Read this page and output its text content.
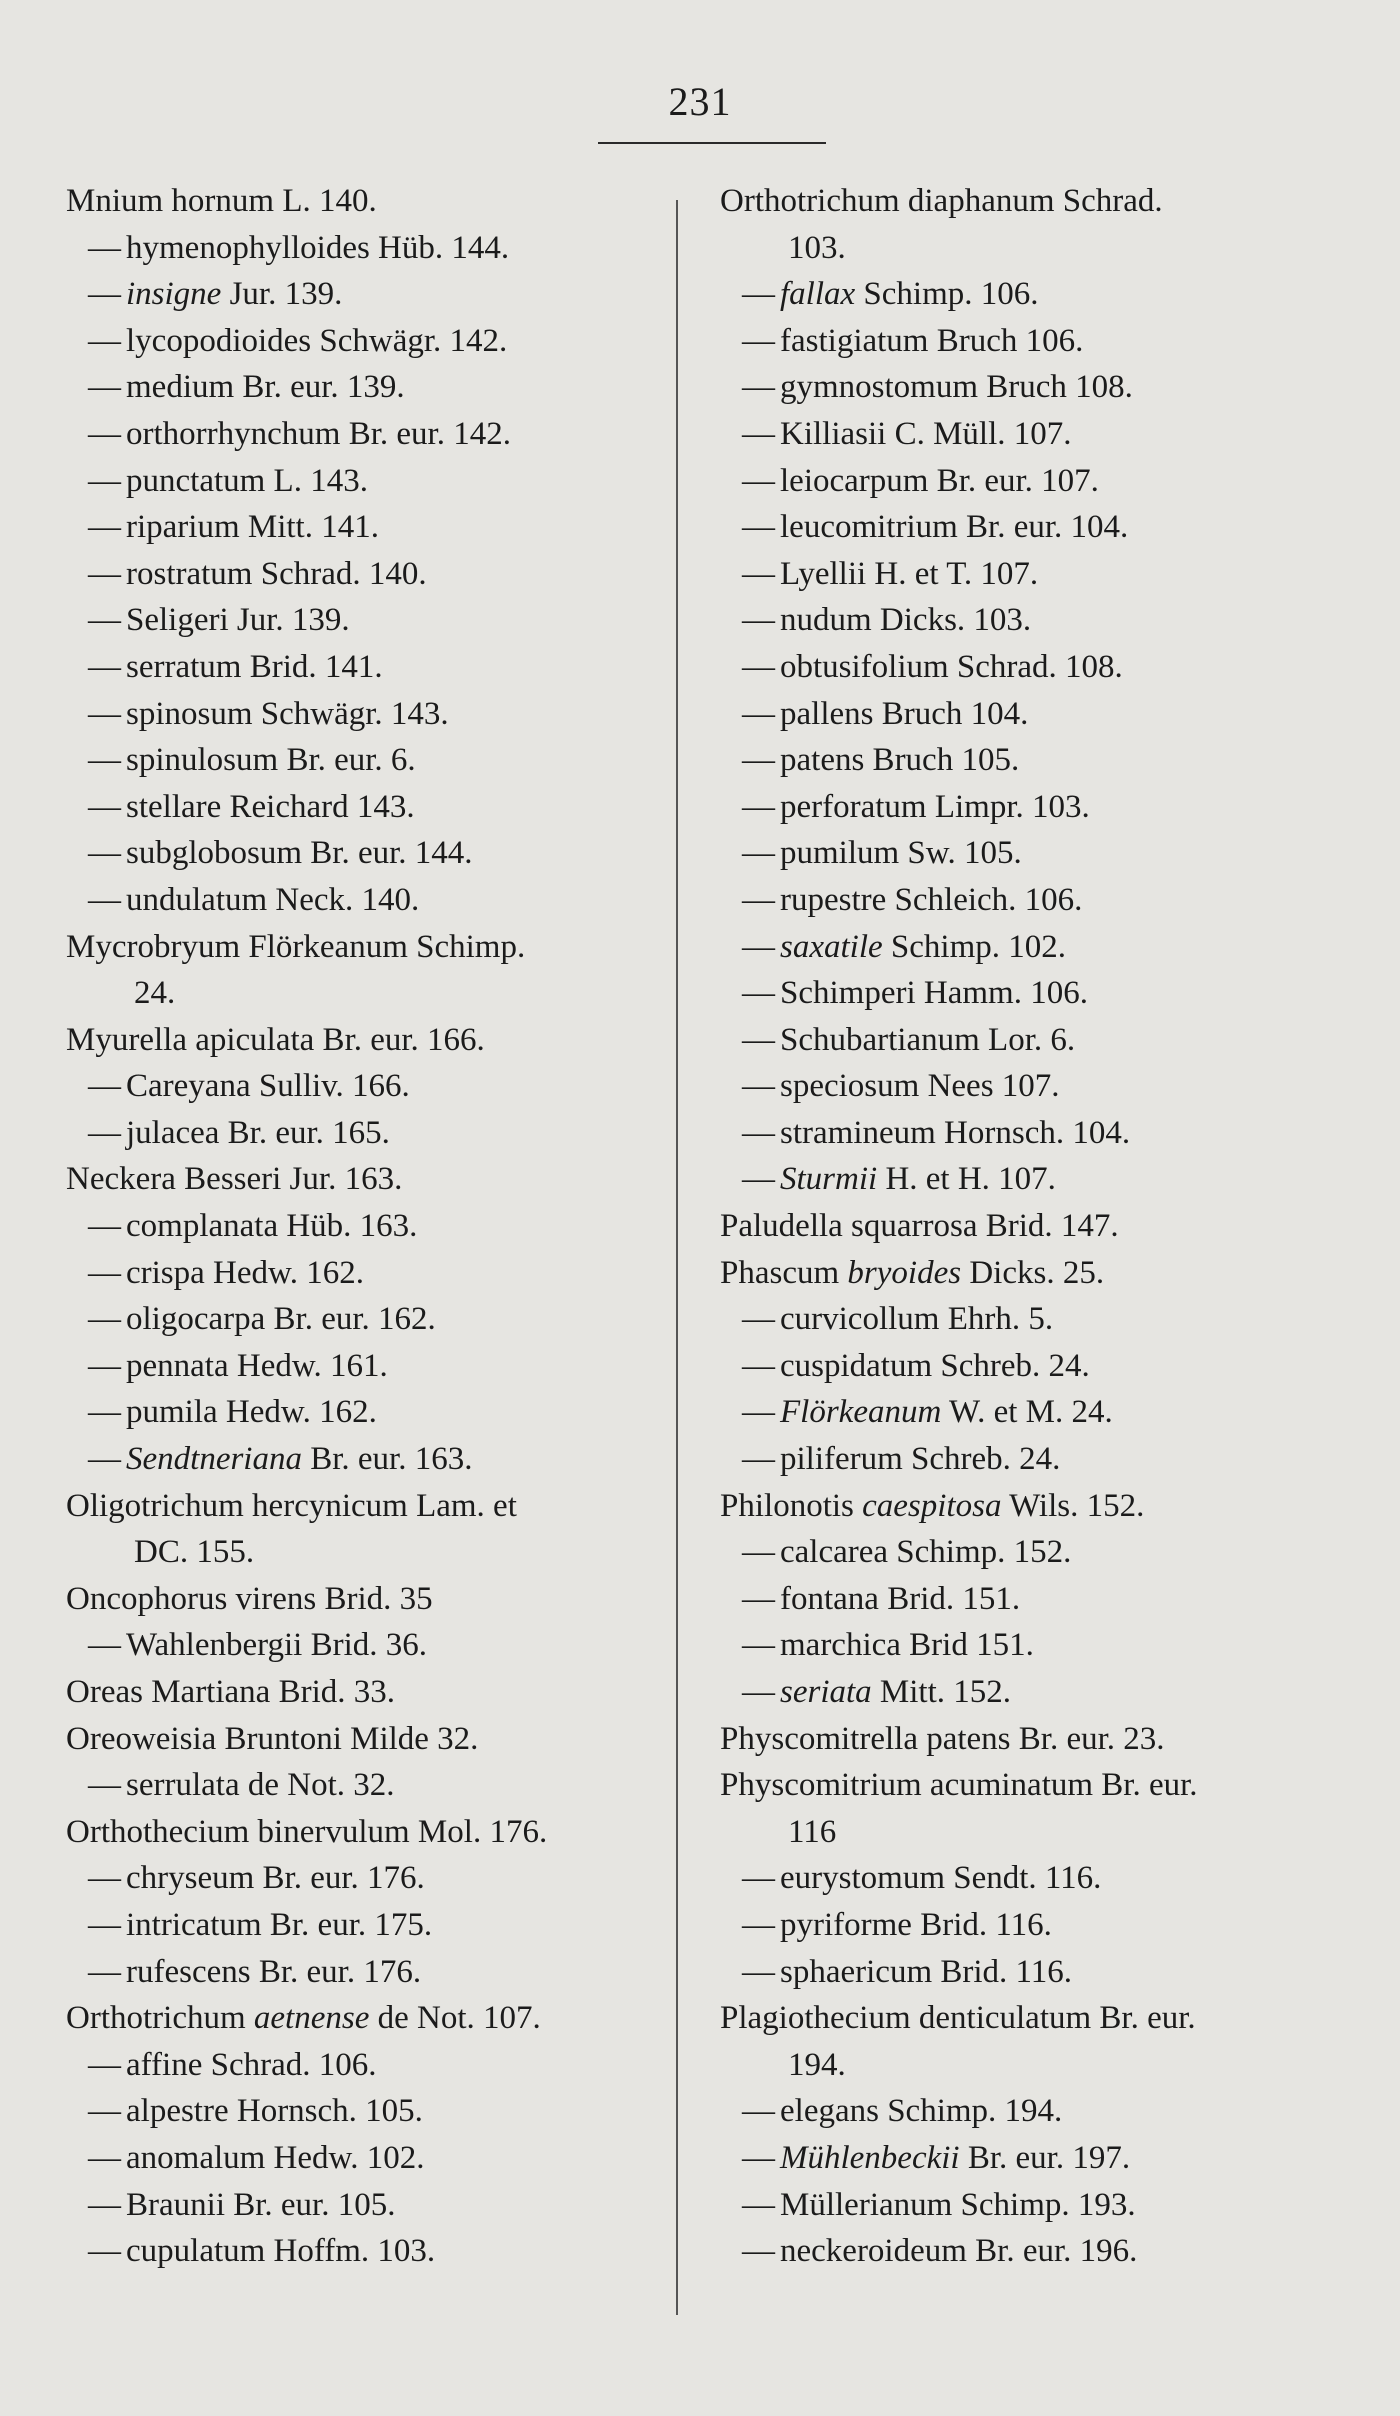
231
Mnium hornum L. 140.
— hymenophylloides Hüb. 144.
— insigne Jur. 139.
— lycopodioides Schwägr. 142.
— medium Br. eur. 139.
— orthorrhynchum Br. eur. 142.
— punctatum L. 143.
— riparium Mitt. 141.
— rostratum Schrad. 140.
— Seligeri Jur. 139.
— serratum Brid. 141.
— spinosum Schwägr. 143.
— spinulosum Br. eur. 6.
— stellare Reichard 143.
— subglobosum Br. eur. 144.
— undulatum Neck. 140.
Mycrobryum Flörkeanum Schimp.
24.
Myurella apiculata Br. eur. 166.
— Careyana Sulliv. 166.
— julacea Br. eur. 165.
Neckera Besseri Jur. 163.
— complanata Hüb. 163.
— crispa Hedw. 162.
— oligocarpa Br. eur. 162.
— pennata Hedw. 161.
— pumila Hedw. 162.
— Sendtneriana Br. eur. 163.
Oligotrichum hercynicum Lam. et
DC. 155.
Oncophorus virens Brid. 35
— Wahlenbergii Brid. 36.
Oreas Martiana Brid. 33.
Oreoweisia Bruntoni Milde 32.
— serrulata de Not. 32.
Orthothecium binervulum Mol. 176.
— chryseum Br. eur. 176.
— intricatum Br. eur. 175.
— rufescens Br. eur. 176.
Orthotrichum aetnense de Not. 107.
— affine Schrad. 106.
— alpestre Hornsch. 105.
— anomalum Hedw. 102.
— Braunii Br. eur. 105.
— cupulatum Hoffm. 103.
Orthotrichum diaphanum Schrad.
103.
— fallax Schimp. 106.
— fastigiatum Bruch 106.
— gymnostomum Bruch 108.
— Killiasii C. Müll. 107.
— leiocarpum Br. eur. 107.
— leucomitrium Br. eur. 104.
— Lyellii H. et T. 107.
— nudum Dicks. 103.
— obtusifolium Schrad. 108.
— pallens Bruch 104.
— patens Bruch 105.
— perforatum Limpr. 103.
— pumilum Sw. 105.
— rupestre Schleich. 106.
— saxatile Schimp. 102.
— Schimperi Hamm. 106.
— Schubartianum Lor. 6.
— speciosum Nees 107.
— stramineum Hornsch. 104.
— Sturmii H. et H. 107.
Paludella squarrosa Brid. 147.
Phascum bryoides Dicks. 25.
— curvicollum Ehrh. 5.
— cuspidatum Schreb. 24.
— Flörkeanum W. et M. 24.
— piliferum Schreb. 24.
Philonotis caespitosa Wils. 152.
— calcarea Schimp. 152.
— fontana Brid. 151.
— marchica Brid 151.
— seriata Mitt. 152.
Physcomitrella patens Br. eur. 23.
Physcomitrium acuminatum Br. eur.
116
— eurystomum Sendt. 116.
— pyriforme Brid. 116.
— sphaericum Brid. 116.
Plagiothecium denticulatum Br. eur.
194.
— elegans Schimp. 194.
— Mühlenbeckii Br. eur. 197.
— Müllerianum Schimp. 193.
— neckeroideum Br. eur. 196.
